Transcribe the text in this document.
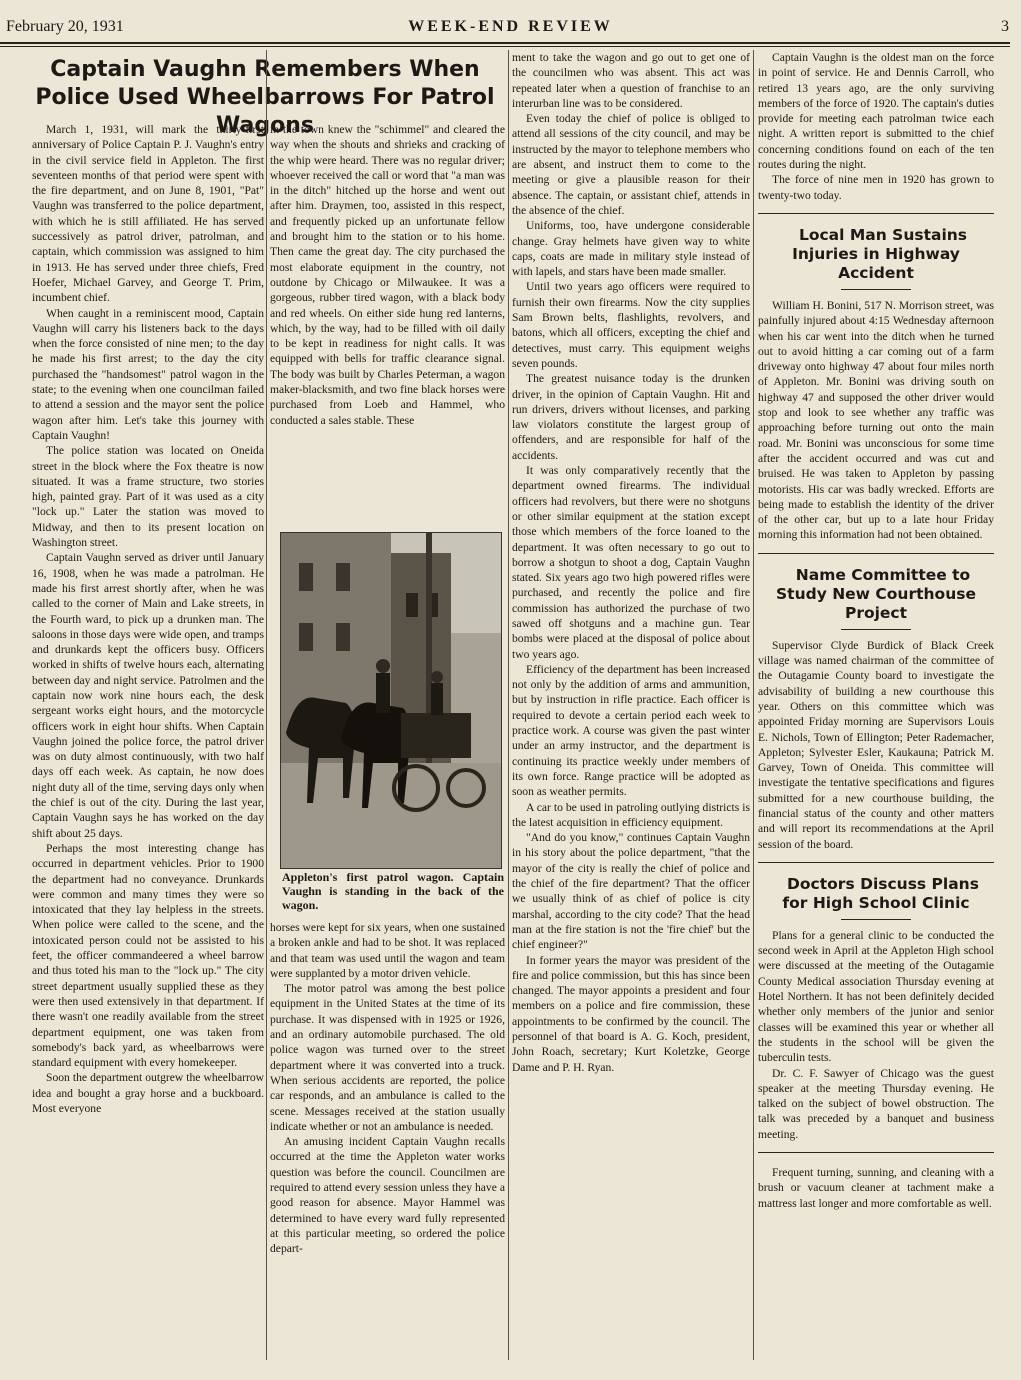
February 20, 1931	WEEK-END REVIEW	3
Captain Vaughn Remembers When Police Used Wheelbarrows For Patrol Wagons

March 1, 1931, will mark the thirty-first anniversary of Police Captain P. J. Vaughn's entry in the civil service field in Appleton. The first seventeen months of that period were spent with the fire department, and on June 8, 1901, "Pat" Vaughn was transferred to the police department, with which he is still affiliated. He has served successively as patrol driver, patrolman, and captain, which commission was assigned to him in 1913. He has served under three chiefs, Fred Hoefer, Michael Garvey, and George T. Prim, incumbent chief.

When caught in a reminiscent mood, Captain Vaughn will carry his listeners back to the days when the force consisted of nine men; to the day he made his first arrest; to the day the city purchased the "handsomest" patrol wagon in the state; to the evening when one councilman failed to attend a session and the mayor sent the police wagon after him. Let's take this journey with Captain Vaughn!

The police station was located on Oneida street in the block where the Fox theatre is now situated. It was a frame structure, two stories high, painted gray. Part of it was used as a city "lock up." Later the station was moved to Midway, and then to its present location on Washington street.

Captain Vaughn served as driver until January 16, 1908, when he was made a patrolman. He made his first arrest shortly after, when he was called to the corner of Main and Lake streets, in the Fourth ward, to pick up a drunken man. The saloons in those days were wide open, and tramps and drunkards kept the officers busy. Officers worked in shifts of twelve hours each, alternating between day and night service. Patrolmen and the captain now work nine hours each, the desk sergeant works eight hours, and the motorcycle officers work in eight hour shifts. When Captain Vaughn joined the police force, the patrol driver was on duty almost continuously, with two half days off each week. As captain, he now does night duty all of the time, serving days only when the chief is out of the city. During the last year, Captain Vaughn says he has worked on the day shift about 25 days.

Perhaps the most interesting change has occurred in department vehicles. Prior to 1900 the department had no conveyance. Drunkards were common and many times they were so intoxicated that they lay helpless in the streets. When police were called to the scene, and the intoxicated person could not be assisted to his feet, the officer commandeered a wheel barrow and thus toted his man to the "lock up." The city street department usually supplied these as they were then used extensively in that department. If there wasn't one readily available from the street department equipment, one was taken from somebody's back yard, as wheelbarrows were standard equipment with every homekeeper.

Soon the department outgrew the wheelbarrow idea and bought a gray horse and a buckboard. Most everyone

in the town knew the "schimmel" and cleared the way when the shouts and shrieks and cracking of the whip were heard. There was no regular driver; whoever received the call or word that "a man was in the ditch" hitched up the horse and went out after him. Draymen, too, assisted in this respect, and frequently picked up an unfortunate fellow and brought him to the station or to his home. Then came the great day. The city purchased the most elaborate equipment in the country, not outdone by Chicago or Milwaukee. It was a gorgeous, rubber tired wagon, with a black body and red wheels. On either side hung red lanterns, which, by the way, had to be filled with oil daily to be kept in readiness for night calls. It was equipped with bells for traffic clearance signal. The body was built by Charles Peterman, a wagon maker-blacksmith, and two fine black horses were purchased from Loeb and Hammel, who conducted a sales stable. These

Appleton's first patrol wagon. Captain Vaughn is standing in the back of the wagon.

horses were kept for six years, when one sustained a broken ankle and had to be shot. It was replaced and that team was used until the wagon and team were supplanted by a motor driven vehicle.

The motor patrol was among the best police equipment in the United States at the time of its purchase. It was dispensed with in 1925 or 1926, and an ordinary automobile purchased. The old police wagon was turned over to the street department where it was converted into a truck. When serious accidents are reported, the police car responds, and an ambulance is called to the scene. Messages received at the station usually indicate whether or not an ambulance is needed.

An amusing incident Captain Vaughn recalls occurred at the time the Appleton water works question was before the council. Councilmen are required to attend every session unless they have a good reason for absence. Mayor Hammel was determined to have every ward fully represented at this particular meeting, so ordered the police depart-

ment to take the wagon and go out to get one of the councilmen who was absent. This act was repeated later when a question of franchise to an interurban line was to be considered.

Even today the chief of police is obliged to attend all sessions of the city council, and may be instructed by the mayor to telephone members who are absent, and instruct them to come to the meeting or give a plausible reason for their absence. The captain, or assistant chief, attends in the absence of the chief.

Uniforms, too, have undergone considerable change. Gray helmets have given way to white caps, coats are made in military style instead of with lapels, and stars have been made smaller.

Until two years ago officers were required to furnish their own firearms. Now the city supplies Sam Brown belts, flashlights, revolvers, and batons, which all officers, excepting the chief and detectives, must carry. This equipment weighs seven pounds.

The greatest nuisance today is the drunken driver, in the opinion of Captain Vaughn. Hit and run drivers, drivers without licenses, and parking law violators constitute the largest group of offenders, and are responsible for half of the accidents.

It was only comparatively recently that the department owned firearms. The individual officers had revolvers, but there were no shotguns or other similar equipment at the station except those which members of the force loaned to the department. It was often necessary to go out to borrow a shotgun to shoot a dog, Captain Vaughn stated. Six years ago two high powered rifles were purchased, and recently the police and fire commission has authorized the purchase of two sawed off shotguns and a machine gun. Tear bombs were placed at the disposal of police about two years ago.

Efficiency of the department has been increased not only by the addition of arms and ammunition, but by instruction in rifle practice. Each officer is required to devote a certain period each week to practice work. A course was given the past winter under an army instructor, and the department is continuing its practice weekly under members of its own force. Range practice will be adopted as soon as weather permits.

A car to be used in patroling outlying districts is the latest acquisition in efficiency equipment.

"And do you know," continues Captain Vaughn in his story about the police department, "that the mayor of the city is really the chief of police and the chief of the fire department? That the officer we usually think of as chief of police is city marshal, according to the city code? That the head man at the fire station is not the 'fire chief' but the chief engineer?"

In former years the mayor was president of the fire and police commission, but this has since been changed. The mayor appoints a president and four members on a police and fire commission, these appointments to be confirmed by the council. The personnel of that board is A. G. Koch, president, John Roach, secretary; Kurt Koletzke, George Dame and P. H. Ryan.

Captain Vaughn is the oldest man on the force in point of service. He and Dennis Carroll, who retired 13 years ago, are the only surviving members of the force of 1920. The captain's duties provide for meeting each patrolman twice each night. A written report is submitted to the chief concerning conditions found on each of the ten routes during the night.

The force of nine men in 1920 has grown to twenty-two today.

Local Man Sustains Injuries in Highway Accident

William H. Bonini, 517 N. Morrison street, was painfully injured about 4:15 Wednesday afternoon when his car went into the ditch when he turned out to avoid hitting a car coming out of a farm driveway onto highway 47 about four miles north of Appleton. Mr. Bonini was driving south on highway 47 and supposed the other driver would stop and look to see whether any traffic was approaching before turning out onto the main road. Mr. Bonini was unconscious for some time after the accident occurred and was cut and bruised. He was taken to Appleton by passing motorists. His car was badly wrecked. Efforts are being made to establish the identity of the driver of the other car, but up to a late hour Friday morning this information had not been obtained.

Name Committee to Study New Courthouse Project

Supervisor Clyde Burdick of Black Creek village was named chairman of the committee of the Outagamie County board to investigate the advisability of building a new courthouse this year. Others on this committee which was appointed Friday morning are Supervisors Louis E. Nichols, Town of Ellington; Peter Rademacher, Appleton; Sylvester Esler, Kaukauna; Patrick M. Garvey, Town of Oneida. This committee will investigate the tentative specifications and figures submitted for a new courthouse building, the financial status of the county and other matters and will report its recommendations at the April session of the board.

Doctors Discuss Plans for High School Clinic

Plans for a general clinic to be conducted the second week in April at the Appleton High school were discussed at the meeting of the Outagamie County Medical association Thursday evening at Hotel Northern. It has not been definitely decided whether only members of the junior and senior classes will be examined this year or whether all the students in the school will be given the tuberculin tests.

Dr. C. F. Sawyer of Chicago was the guest speaker at the meeting Thursday evening. He talked on the subject of bowel obstruction. The talk was preceded by a banquet and business meeting.

Frequent turning, sunning, and cleaning with a brush or vacuum cleaner at tachment make a mattress last longer and more comfortable as well.
